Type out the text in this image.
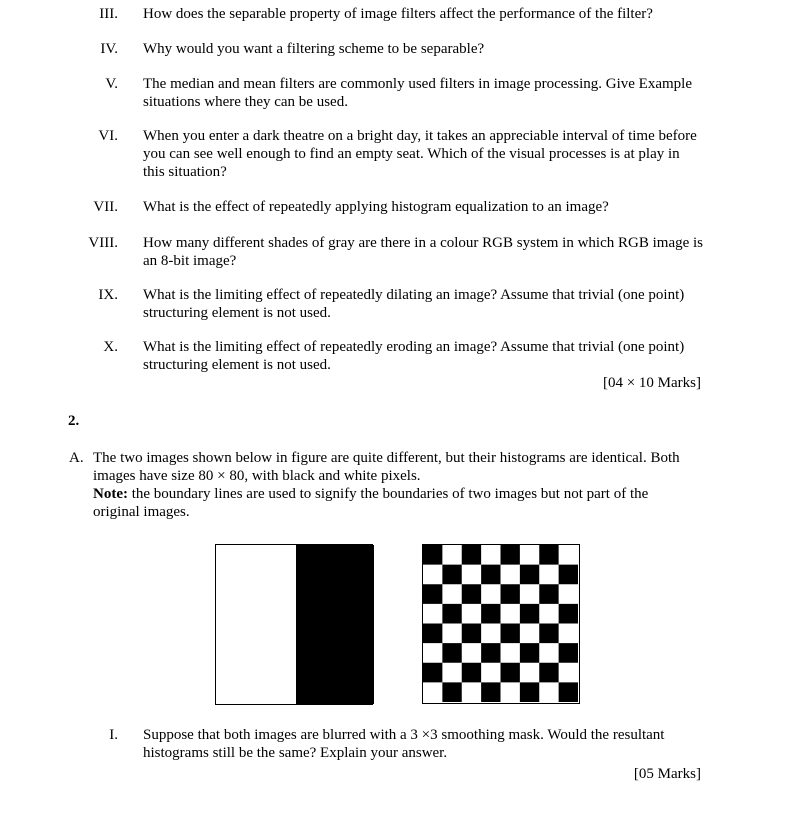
III. How does the separable property of image filters affect the performance of the filter?
IV. Why would you want a filtering scheme to be separable?
V. The median and mean filters are commonly used filters in image processing. Give Example situations where they can be used.
VI. When you enter a dark theatre on a bright day, it takes an appreciable interval of time before you can see well enough to find an empty seat. Which of the visual processes is at play in this situation?
VII. What is the effect of repeatedly applying histogram equalization to an image?
VIII. How many different shades of gray are there in a colour RGB system in which RGB image is an 8-bit image?
IX. What is the limiting effect of repeatedly dilating an image? Assume that trivial (one point) structuring element is not used.
X. What is the limiting effect of repeatedly eroding an image? Assume that trivial (one point) structuring element is not used.
[04 × 10 Marks]
2.
A. The two images shown below in figure are quite different, but their histograms are identical. Both images have size 80 × 80, with black and white pixels.
Note: the boundary lines are used to signify the boundaries of two images but not part of the original images.
I. Suppose that both images are blurred with a 3 ×3 smoothing mask. Would the resultant histograms still be the same? Explain your answer.
[05 Marks]
